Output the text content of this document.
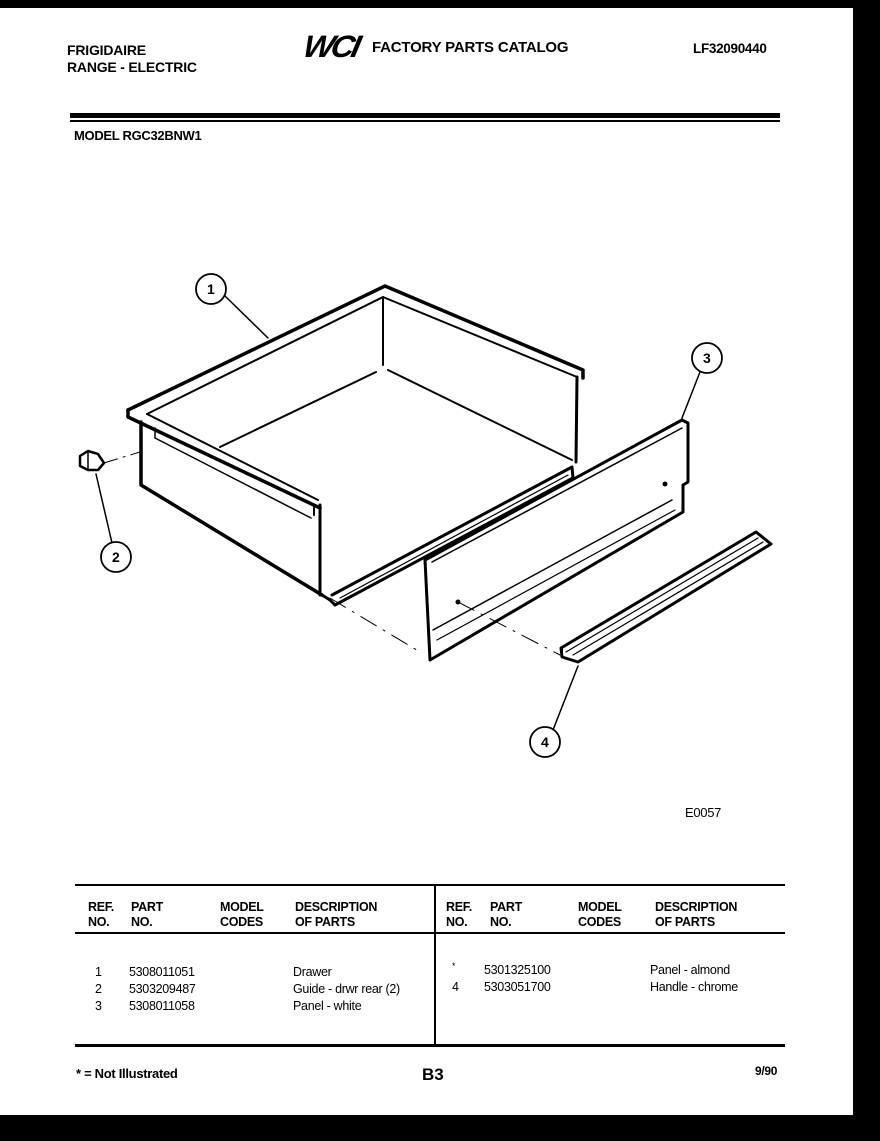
FRIGIDAIRE
RANGE - ELECTRIC
WCI FACTORY PARTS CATALOG	LF32090440
MODEL RGC32BNW1
1
2
3
4
E0057
REF.
NO.
PART
NO.
MODEL
CODES
DESCRIPTION
OF PARTS
REF.
NO.
PART
NO.
MODEL
CODES
DESCRIPTION
OF PARTS
1 5308011051	Drawer
2 5303209487	Guide - drwr rear (2)
3 5308011058	Panel - white
* 5301325100	Panel - almond
4 5303051700	Handle - chrome
* = Not Illustrated	B3	9/90
